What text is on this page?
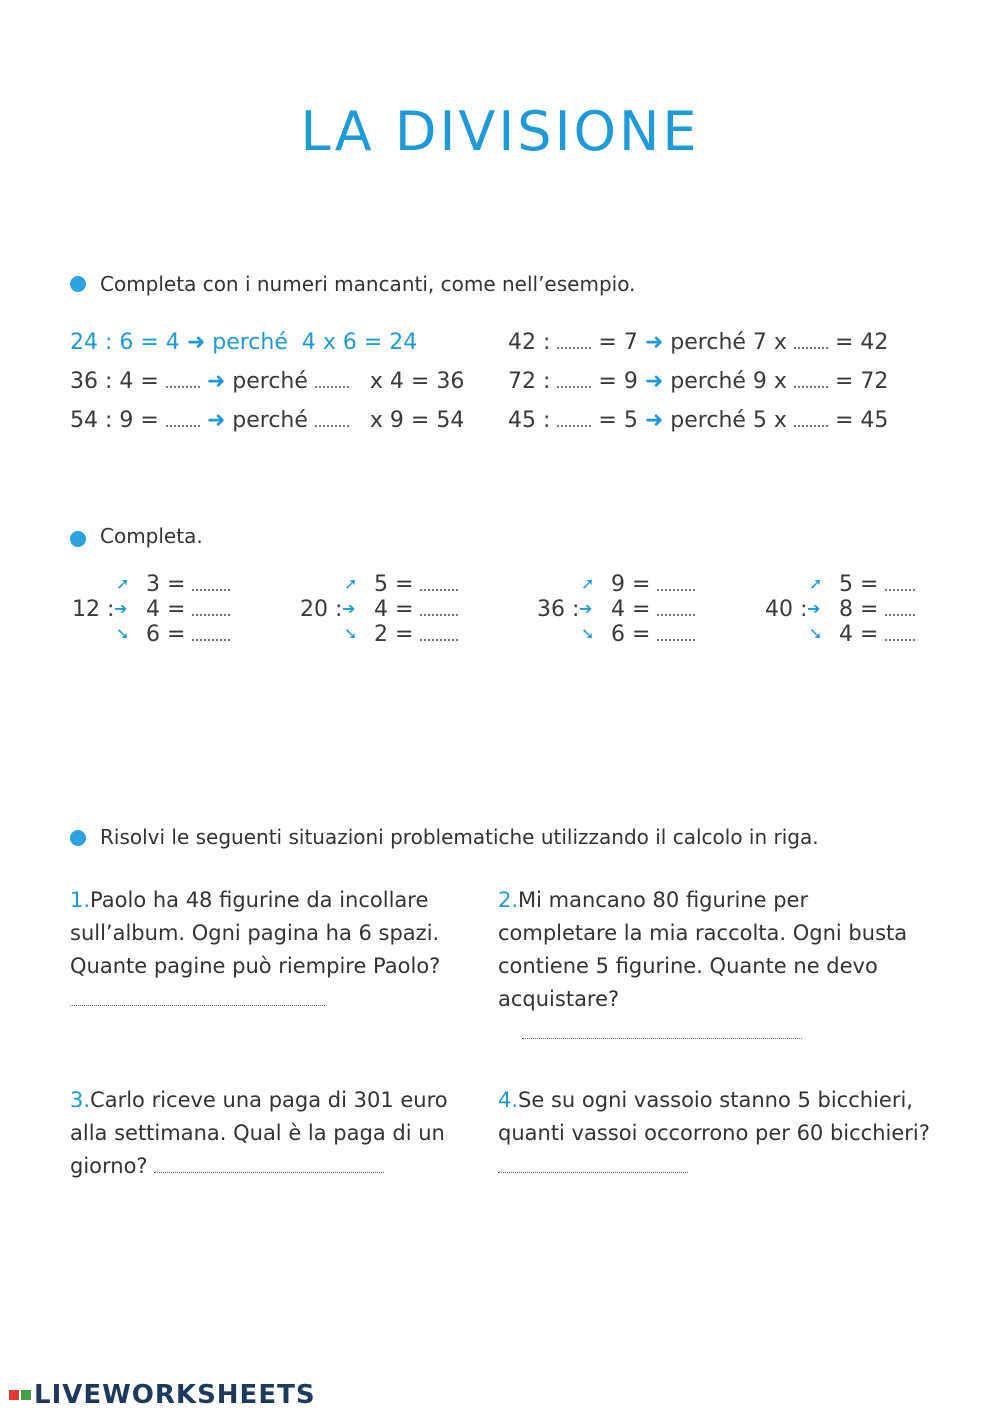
LA DIVISIONE
Completa con i numeri mancanti, come nell’esempio.
24 : 6 = 4 ➜ perché 4 x 6 = 24
36 : 4 = ➜ perché	x 4 = 36
54 : 9 = ➜ perché	x 9 = 54
42 : = 7 ➜ perché 7 x = 42
72 : = 9 ➜ perché 9 x = 72
45 : = 5 ➜ perché 5 x = 45
Completa.
12 :
➚
➔
➘
3 =
4 =
6 =
20 :
➚
➔
➘
5 =
4 =
2 =
36 :
➚
➔
➘
9 =
4 =
6 =
40 :
➚
➔
➘
5 =
8 =
4 =
Risolvi le seguenti situazioni problematiche utilizzando il calcolo in riga.
1.Paolo ha 48 figurine da incollare sull’album. Ogni pagina ha 6 spazi. Quante pagine può riempire Paolo?
2.Mi mancano 80 figurine per completare la mia raccolta. Ogni busta contiene 5 figurine. Quante ne devo acquistare?

3.Carlo riceve una paga di 301 euro alla settimana. Qual è la paga di un giorno?
4.Se su ogni vassoio stanno 5 bicchieri, quanti vassoi occorrono per 60 bicchieri?
LIVEWORKSHEETS
